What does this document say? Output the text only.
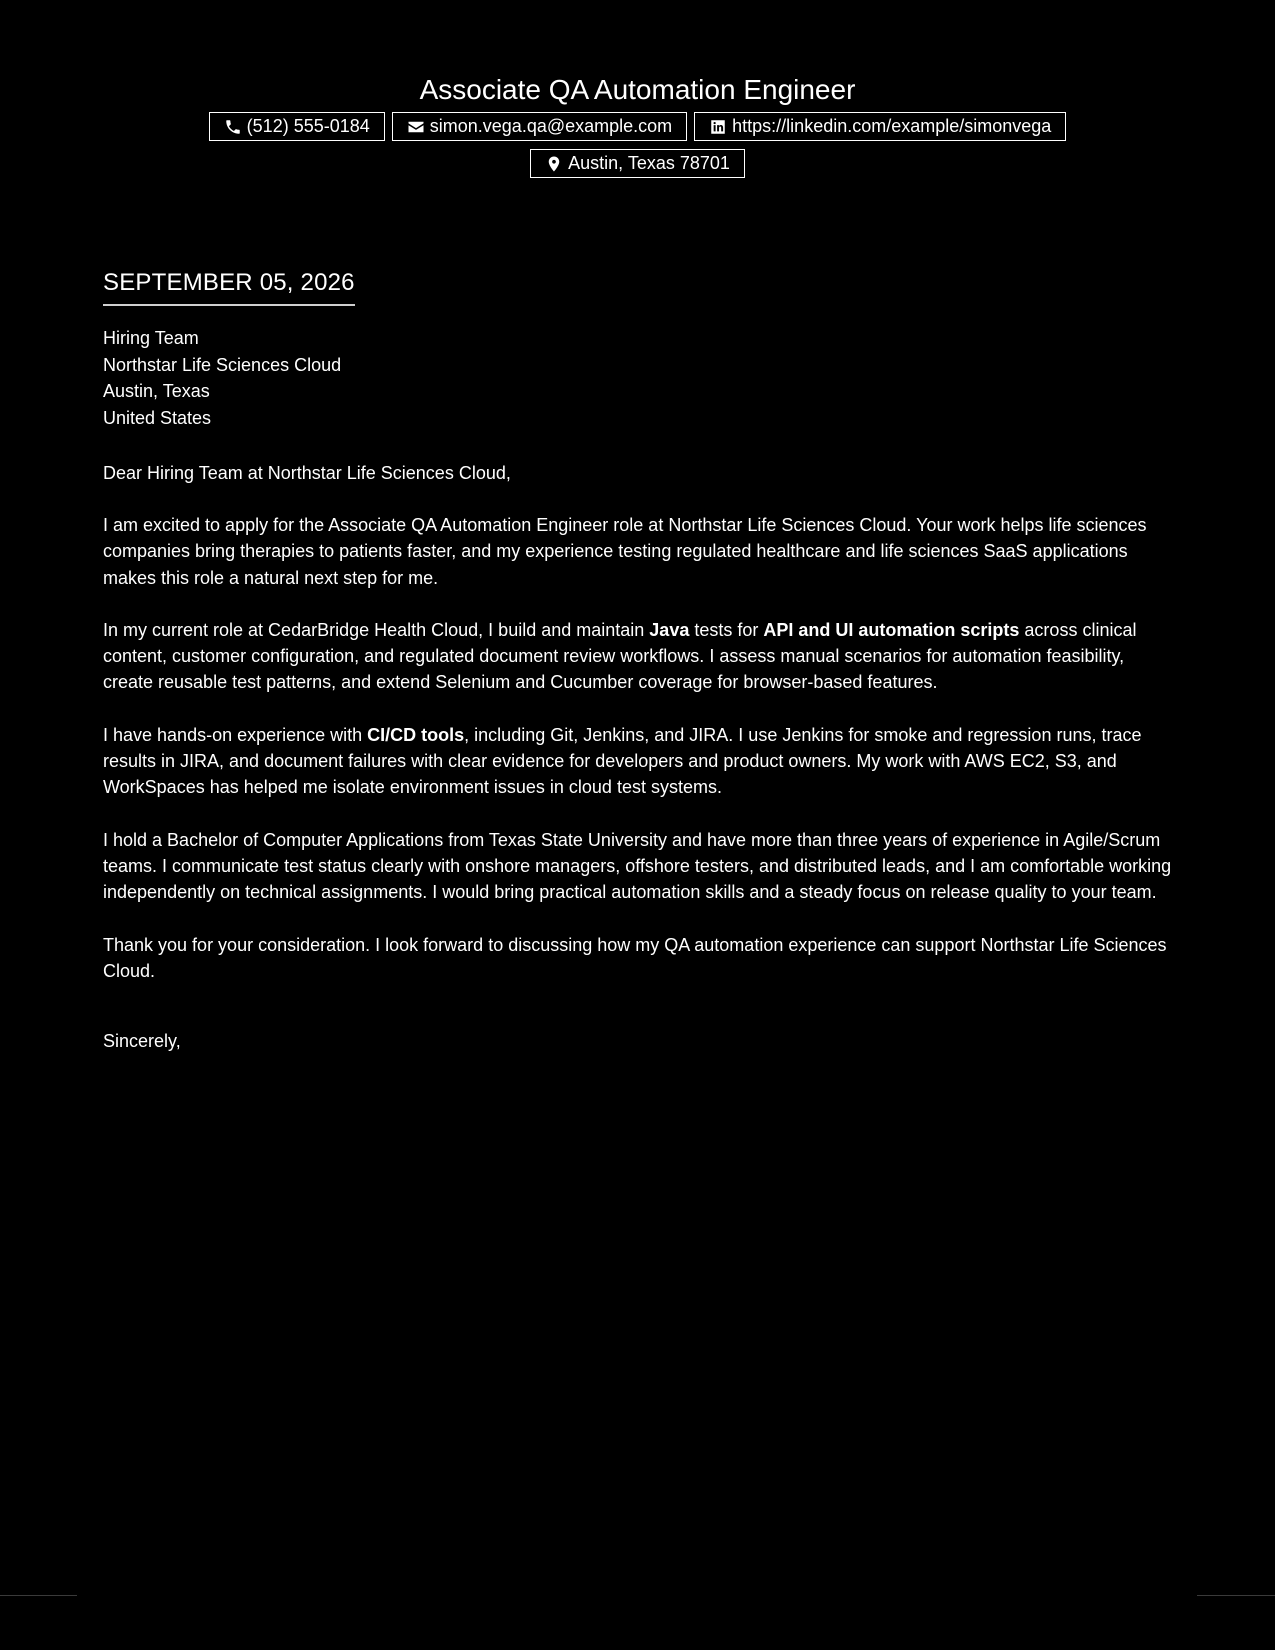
Associate QA Automation Engineer
(512) 555-0184	simon.vega.qa@example.com	https://linkedin.com/example/simonvega
Austin, Texas 78701
SEPTEMBER 05, 2026
Hiring Team
Northstar Life Sciences Cloud
Austin, Texas
United States
Dear Hiring Team at Northstar Life Sciences Cloud,

I am excited to apply for the Associate QA Automation Engineer role at Northstar Life Sciences Cloud. Your work helps life sciences companies bring therapies to patients faster, and my experience testing regulated healthcare and life sciences SaaS applications makes this role a natural next step for me.

In my current role at CedarBridge Health Cloud, I build and maintain Java tests for API and UI automation scripts across clinical content, customer configuration, and regulated document review workflows. I assess manual scenarios for automation feasibility, create reusable test patterns, and extend Selenium and Cucumber coverage for browser-based features.

I have hands-on experience with CI/CD tools, including Git, Jenkins, and JIRA. I use Jenkins for smoke and regression runs, trace results in JIRA, and document failures with clear evidence for developers and product owners. My work with AWS EC2, S3, and WorkSpaces has helped me isolate environment issues in cloud test systems.

I hold a Bachelor of Computer Applications from Texas State University and have more than three years of experience in Agile/Scrum teams. I communicate test status clearly with onshore managers, offshore testers, and distributed leads, and I am comfortable working independently on technical assignments. I would bring practical automation skills and a steady focus on release quality to your team.

Thank you for your consideration. I look forward to discussing how my QA automation experience can support Northstar Life Sciences Cloud.

Sincerely,
